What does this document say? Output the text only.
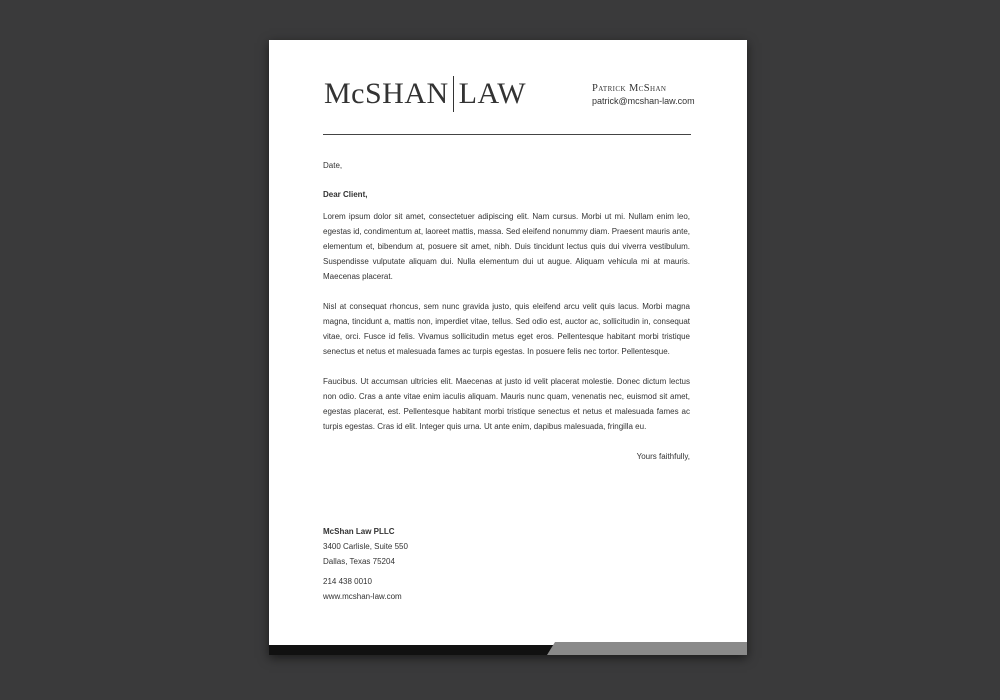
McSHAN LAW	Patrick McShan
patrick@mcshan-law.com

Date,

Dear Client,

Lorem ipsum dolor sit amet, consectetuer adipiscing elit. Nam cursus. Morbi ut mi. Nullam enim leo, egestas id, condimentum at, laoreet mattis, massa. Sed eleifend nonummy diam. Praesent mauris ante, elementum et, bibendum at, posuere sit amet, nibh. Duis tincidunt lectus quis dui viverra vestibulum. Suspendisse vulputate aliquam dui. Nulla elementum dui ut augue. Aliquam vehicula mi at mauris. Maecenas placerat.

Nisl at consequat rhoncus, sem nunc gravida justo, quis eleifend arcu velit quis lacus. Morbi magna magna, tincidunt a, mattis non, imperdiet vitae, tellus. Sed odio est, auctor ac, sollicitudin in, consequat vitae, orci. Fusce id felis. Vivamus sollicitudin metus eget eros. Pellentesque habitant morbi tristique senectus et netus et malesuada fames ac turpis egestas. In posuere felis nec tortor. Pellentesque.

Faucibus. Ut accumsan ultricies elit. Maecenas at justo id velit placerat molestie. Donec dictum lectus non odio. Cras a ante vitae enim iaculis aliquam. Mauris nunc quam, venenatis nec, euismod sit amet, egestas placerat, est. Pellentesque habitant morbi tristique senectus et netus et malesuada fames ac turpis egestas. Cras id elit. Integer quis urna. Ut ante enim, dapibus malesuada, fringilla eu.

Yours faithfully,

McShan Law PLLC
3400 Carlisle, Suite 550
Dallas, Texas 75204
214 438 0010
www.mcshan-law.com
